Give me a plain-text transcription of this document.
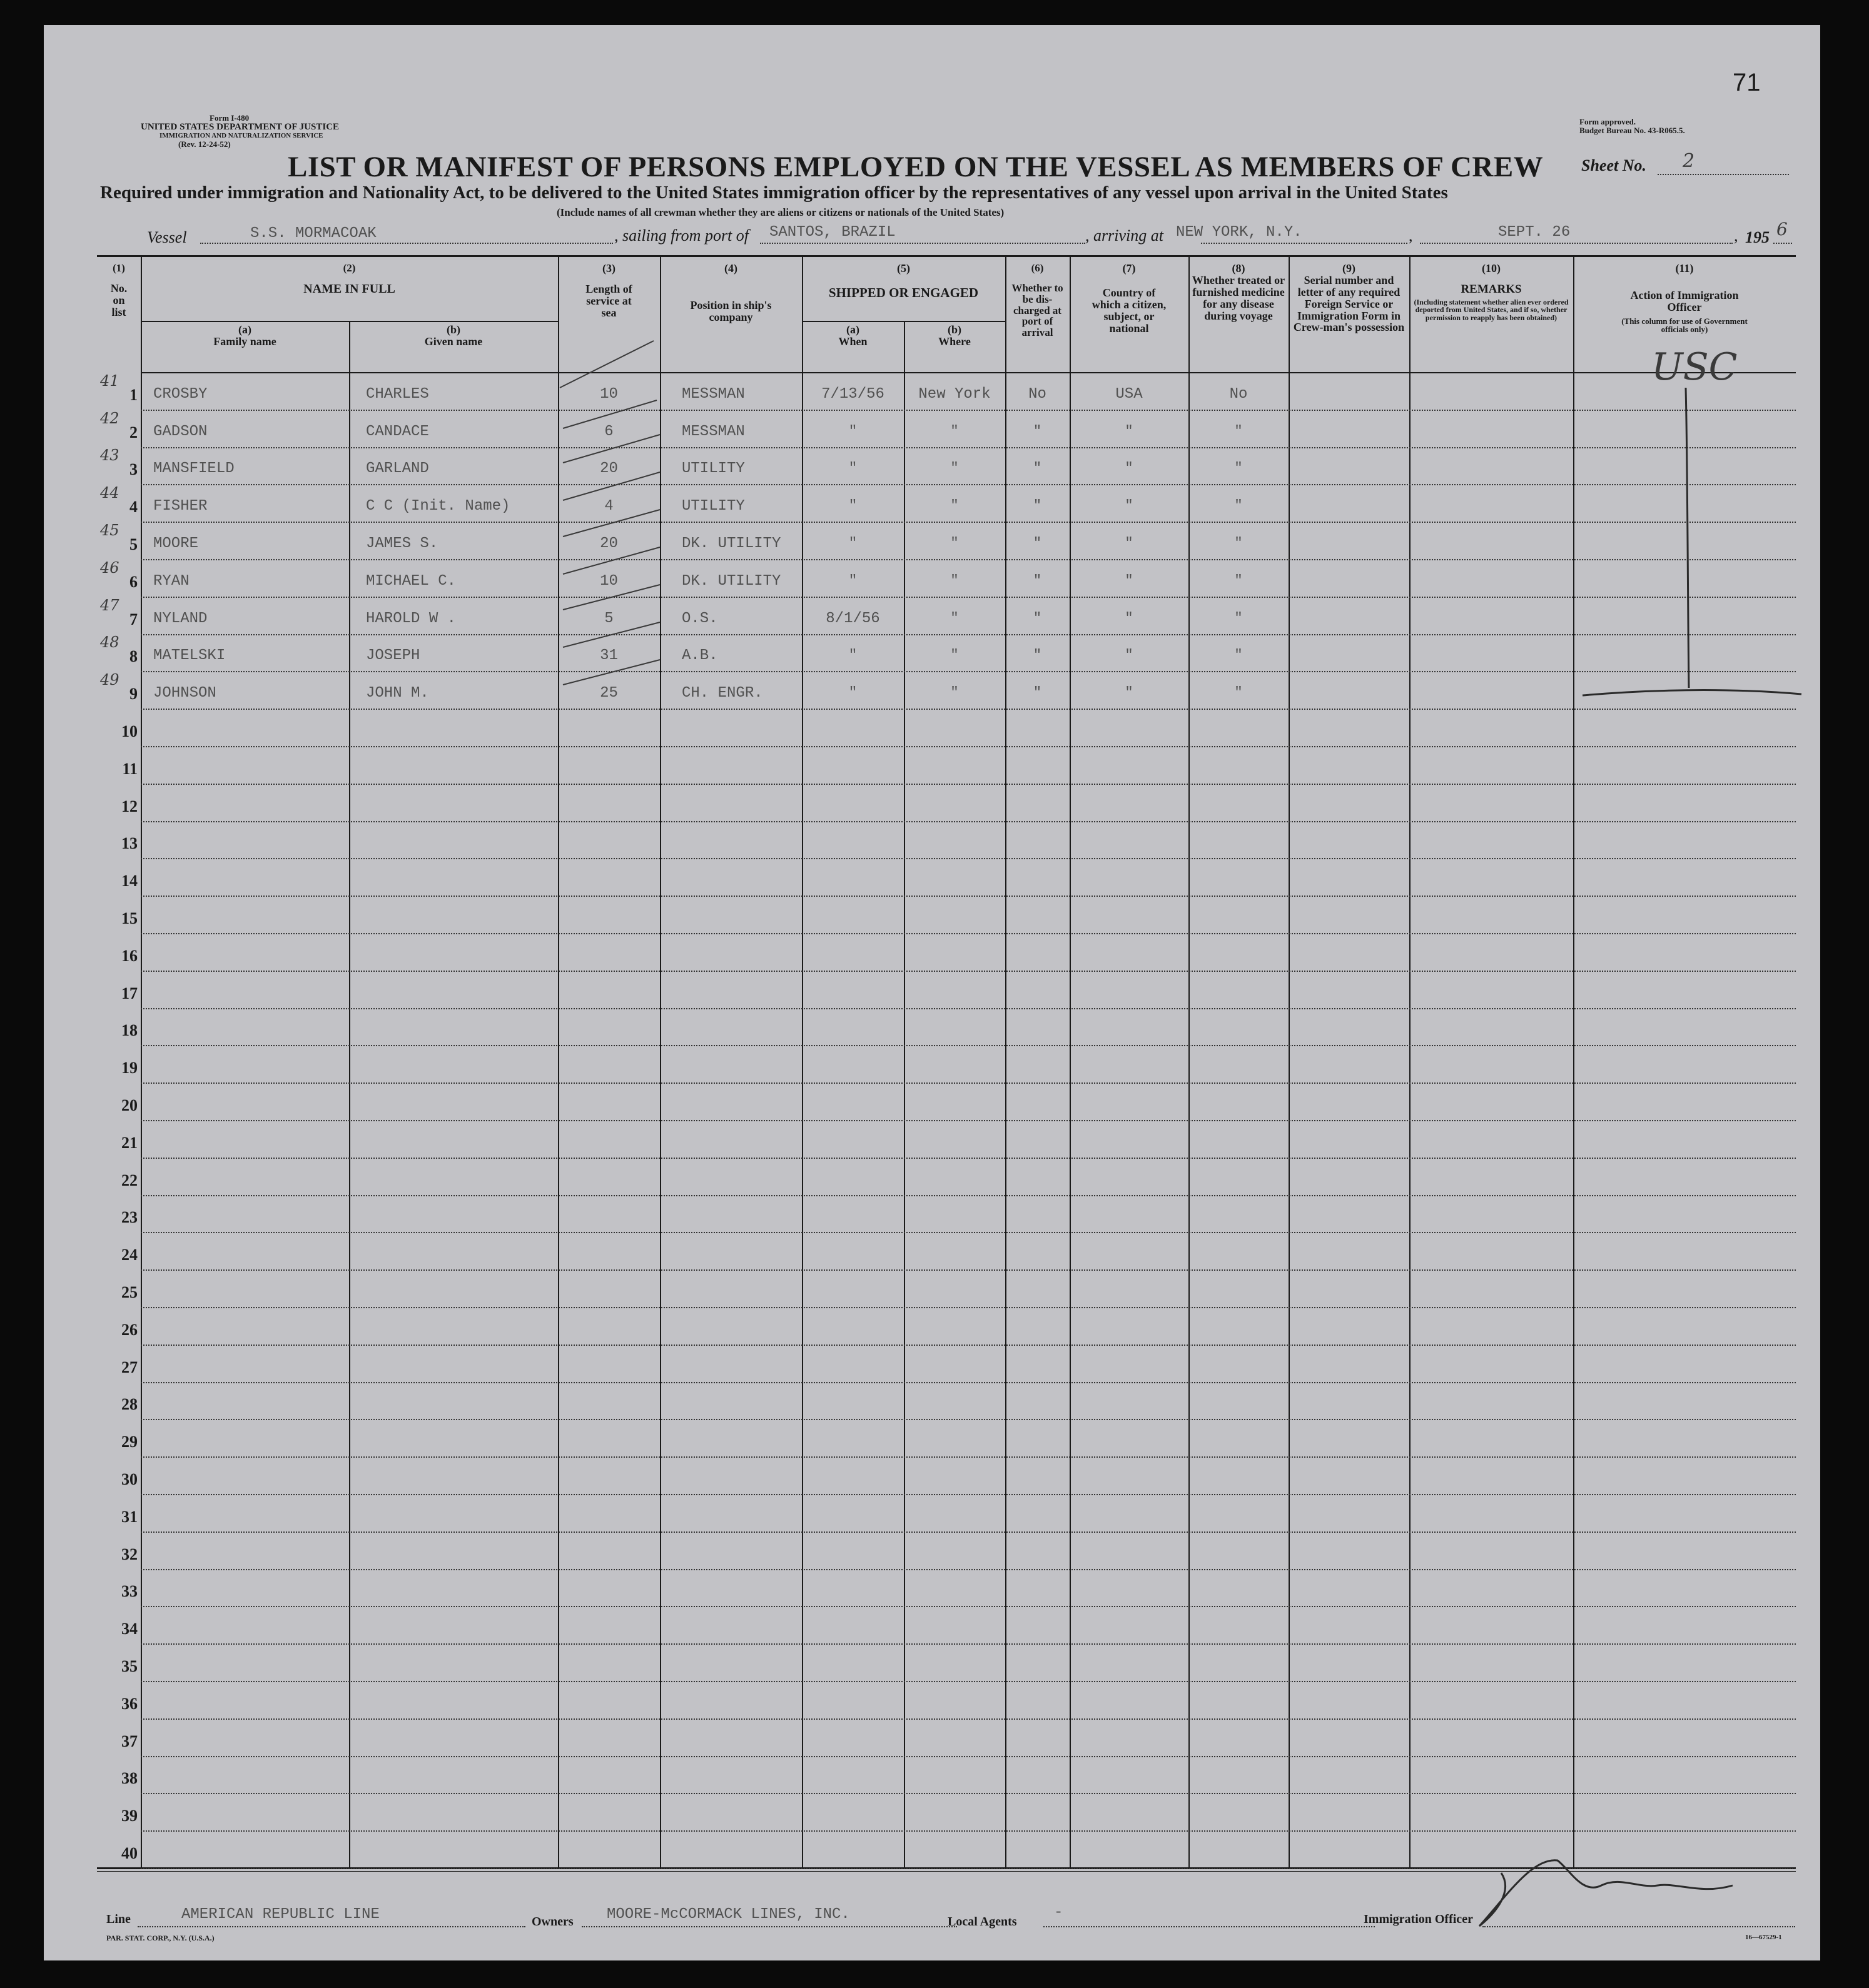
71
Form I-480
UNITED STATES DEPARTMENT OF JUSTICE
IMMIGRATION AND NATURALIZATION SERVICE
(Rev. 12-24-52)
Form approved.
Budget Bureau No. 43-R065.5.
LIST OR MANIFEST OF PERSONS EMPLOYED ON THE VESSEL AS MEMBERS OF CREW Sheet No. 2
Required under immigration and Nationality Act, to be delivered to the United States immigration officer by the representatives of any vessel upon arrival in the United States
(Include names of all crewman whether they are aliens or citizens or nationals of the United States)
Vessel	S.S. MORMACOAK	, sailing from port of SANTOS, BRAZIL	, arriving at NEW YORK, N.Y.	,	SEPT. 26	, 195 6
(1)
No. on list
(2)
NAME IN FULL
(a)
Family name
(b)
Given name
(3)
Length of service at sea
(4)
Position in ship's company
(5)
SHIPPED OR ENGAGED
(a)
When
(b)
Where
(6)
Whether to be dis-charged at port of arrival
(7)
Country of which a citizen, subject, or national
(8)
Whether treated or furnished medicine for any disease during voyage
(9)
Serial number and letter of any required Foreign Service or Immigration Form in Crew-man's possession
(10)
REMARKS
(Including statement whether alien ever ordered deported from United States, and if so, whether permission to reapply has been obtained)
(11)
Action of Immigration Officer
(This column for use of Government officials only)
1
41
CROSBY	CHARLES	10	MESSMAN	7/13/56	New York	No	USA	No
2
42
GADSON	CANDACE	6	MESSMAN	"	"	"	"	"
3
43
MANSFIELD	GARLAND	20	UTILITY	"	"	"	"	"
4
44
FISHER	C C (Init. Name)	4	UTILITY	"	"	"	"	"
5
45
MOORE	JAMES S.	20	DK. UTILITY	"	"	"	"	"
6
46
RYAN	MICHAEL C.	10	DK. UTILITY	"	"	"	"	"
7
47
NYLAND	HAROLD W .	5	O.S.	8/1/56	"	"	"	"
8
48
MATELSKI	JOSEPH	31	A.B.	"	"	"	"	"
9
49
JOHNSON	JOHN M.	25	CH. ENGR.	"	"	"	"	"
10
11
12
13
14
15
16
17
18
19
20
21
22
23
24
25
26
27
28
29
30
31
32
33
34
35
36
37
38
39
40
USC
Line	AMERICAN REPUBLIC LINE	Owners MOORE-McCORMACK LINES, INC.	Local Agents
-	Immigration Officer
PAR. STAT. CORP., N.Y. (U.S.A.)	16—67529-1
